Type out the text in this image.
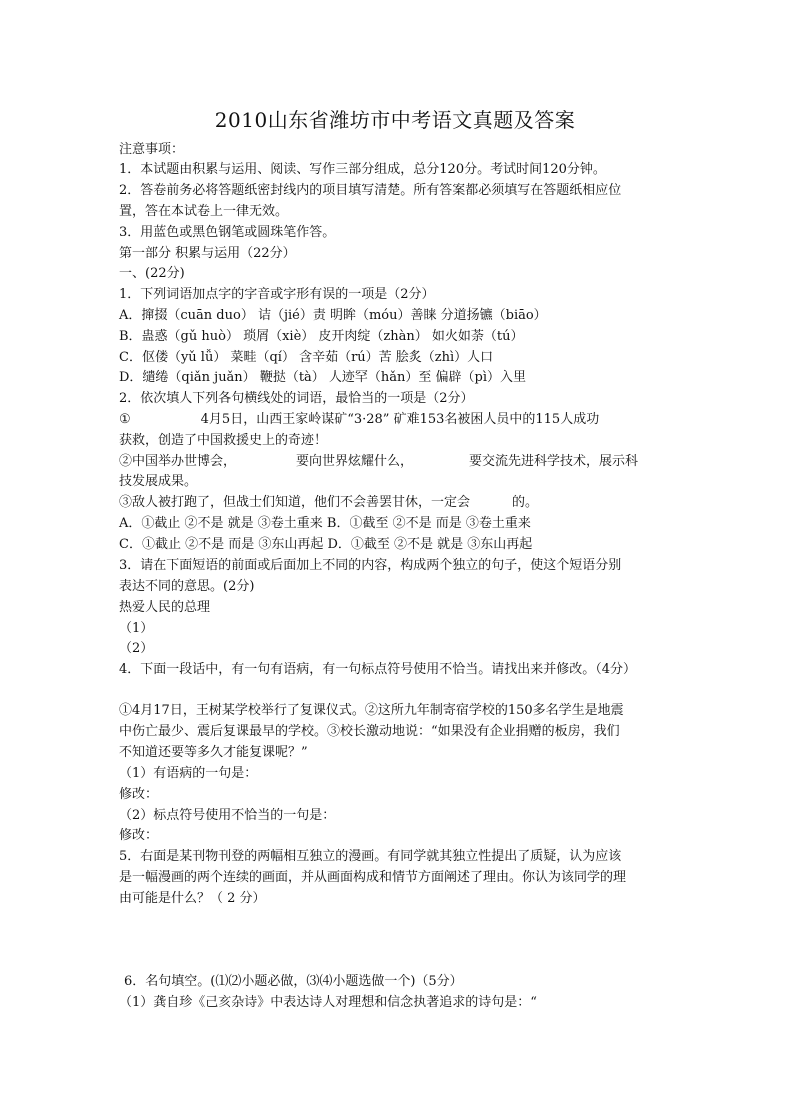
2010山东省潍坊市中考语文真题及答案
注意事项：
1．本试题由积累与运用、阅读、写作三部分组成，总分120分。考试时间120分钟。
2．答卷前务必将答题纸密封线内的项目填写清楚。所有答案都必须填写在答题纸相应位
置，答在本试卷上一律无效。
3．用蓝色或黑色钢笔或圆珠笔作答。
第一部分 积累与运用（22分）
一、(22分)
1．下列词语加点字的字音或字形有误的一项是（2分）
A．撺掇（cuān duo） 诘（jié）责 明眸（móu）善睐 分道扬镳（biāo）
B．蛊惑（gǔ huò） 琐屑（xiè） 皮开肉绽（zhàn） 如火如荼（tú）
C．伛偻（yǔ lǚ） 菜畦（qí） 含辛茹（rú）苦 脍炙（zhì）人口
D．缱绻（qiǎn juǎn） 鞭挞（tà） 人迹罕（hǎn）至 偏辟（pì）入里
2．依次填人下列各句横线处的词语，最恰当的一项是（2分）
①	4月5日，山西王家岭谋矿“3·28” 矿难153名被困人员中的115人成功
获救，创造了中国救援史上的奇迹！
②中国举办世博会，	要向世界炫耀什么，	要交流先进科学技术，展示科
技发展成果。
③敌人被打跑了，但战士们知道，他们不会善罢甘休，一定会	的。
A．①截止 ②不是 就是 ③卷土重来 B．①截至 ②不是 而是 ③卷土重来
C．①截止 ②不是 而是 ③东山再起 D．①截至 ②不是 就是 ③东山再起
3．请在下面短语的前面或后面加上不同的内容，构成两个独立的句子，使这个短语分别
表达不同的意思。(2分)
热爱人民的总理
（1）
（2）
4．下面一段话中，有一句有语病，有一句标点符号使用不恰当。请找出来并修改。（4分）
①4月17日，王树某学校举行了复课仪式。②这所九年制寄宿学校的150多名学生是地震
中伤亡最少、震后复课最早的学校。③校长激动地说：“如果没有企业捐赠的板房，我们
不知道还要等多久才能复课呢？”
（1）有语病的一句是：
修改：
（2）标点符号使用不恰当的一句是：
修改：
5．右面是某刊物刊登的两幅相互独立的漫画。有同学就其独立性提出了质疑，认为应该
是一幅漫画的两个连续的画面，并从画面构成和情节方面阐述了理由。你认为该同学的理
由可能是什么？（ 2 分）
6．名句填空。(⑴⑵小题必做，⑶⑷小题选做一个)（5分）
（1）龚自珍《己亥杂诗》中表达诗人对理想和信念执著追求的诗句是：“
